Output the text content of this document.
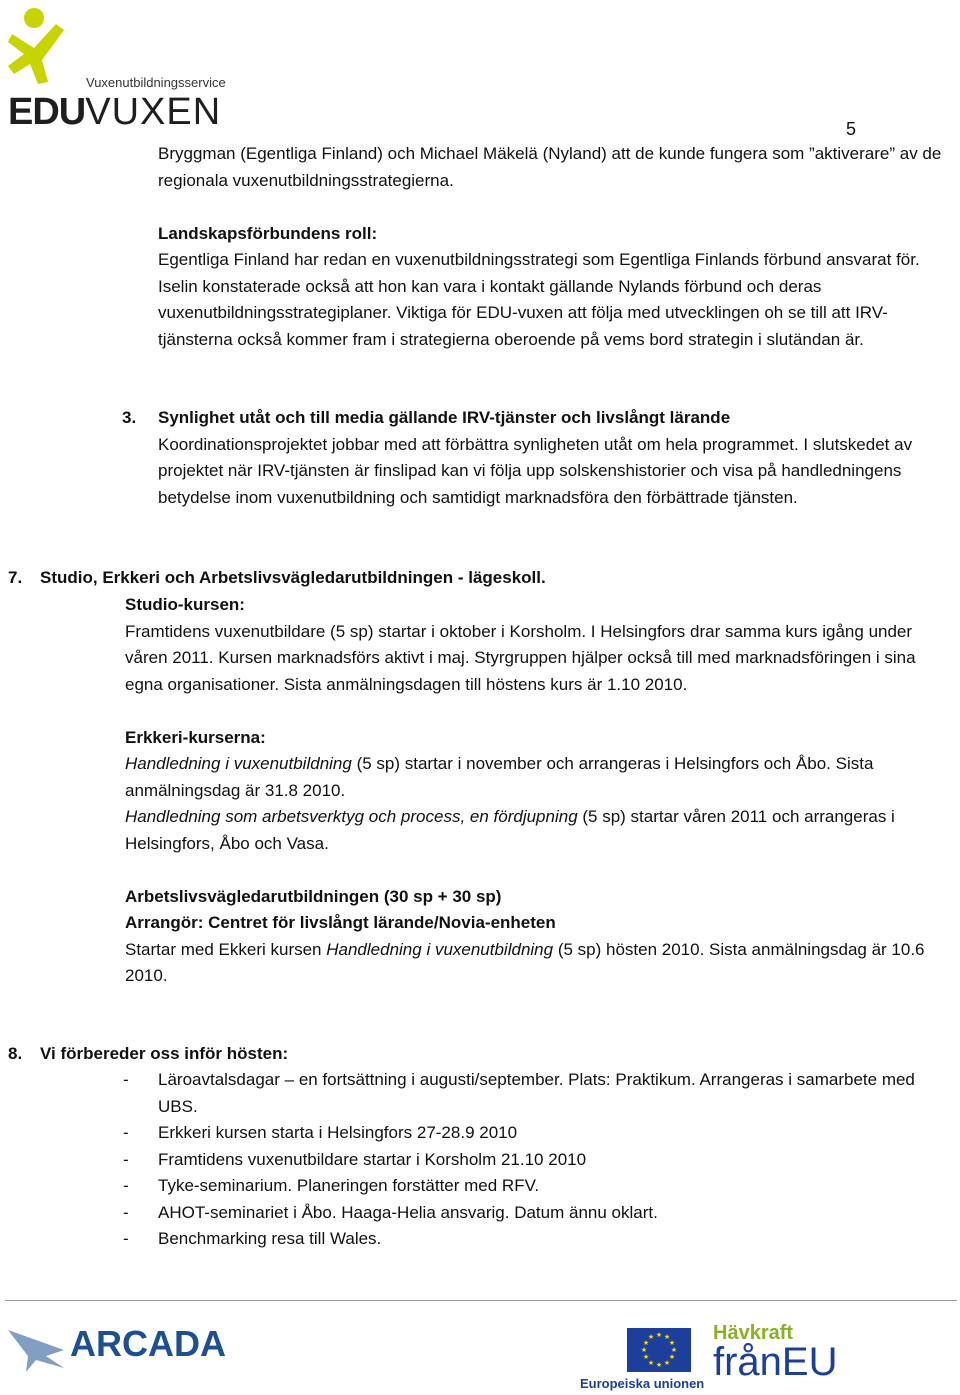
Vuxenutbildningsservice
EDUVUXEN	5

Bryggman (Egentliga Finland) och Michael Mäkelä (Nyland) att de kunde fungera som ”aktiverare” av de regionala vuxenutbildningsstrategierna.

Landskapsförbundens roll:

Egentliga Finland har redan en vuxenutbildningsstrategi som Egentliga Finlands förbund ansvarat för. Iselin konstaterade också att hon kan vara i kontakt gällande Nylands förbund och deras vuxenutbildningsstrategiplaner. Viktiga för EDU-vuxen att följa med utvecklingen oh se till att IRV-tjänsterna också kommer fram i strategierna oberoende på vems bord strategin i slutändan är.

3. Synlighet utåt och till media gällande IRV-tjänster och livslångt lärande

Koordinationsprojektet jobbar med att förbättra synligheten utåt om hela programmet. I slutskedet av projektet när IRV-tjänsten är finslipad kan vi följa upp solskenshistorier och visa på handledningens betydelse inom vuxenutbildning och samtidigt marknadsföra den förbättrade tjänsten.

7. Studio, Erkkeri och Arbetslivsvägledarutbildningen - lägeskoll.

Studio-kursen:

Framtidens vuxenutbildare (5 sp) startar i oktober i Korsholm. I Helsingfors drar samma kurs igång under våren 2011. Kursen marknadsförs aktivt i maj. Styrgruppen hjälper också till med marknadsföringen i sina egna organisationer. Sista anmälningsdagen till höstens kurs är 1.10 2010.

Erkkeri-kurserna:

Handledning i vuxenutbildning (5 sp) startar i november och arrangeras i Helsingfors och Åbo. Sista anmälningsdag är 31.8 2010.

Handledning som arbetsverktyg och process, en fördjupning (5 sp) startar våren 2011 och arrangeras i Helsingfors, Åbo och Vasa.

Arbetslivsvägledarutbildningen (30 sp + 30 sp)

Arrangör: Centret för livslångt lärande/Novia-enheten

Startar med Ekkeri kursen Handledning i vuxenutbildning (5 sp) hösten 2010. Sista anmälningsdag är 10.6 2010.

8. Vi förbereder oss inför hösten:

- Läroavtalsdagar – en fortsättning i augusti/september. Plats: Praktikum. Arrangeras i samarbete med UBS.
- Erkkeri kursen starta i Helsingfors 27-28.9 2010
- Framtidens vuxenutbildare startar i Korsholm 21.10 2010
- Tyke-seminarium. Planeringen forstätter med RFV.
- AHOT-seminariet i Åbo. Haaga-Helia ansvarig. Datum ännu oklart.
- Benchmarking resa till Wales.
ARCADA	★ ★
★
★
★
★
★
★
★
★
★
★
Europeiska unionen
Hävkraft
frånEU
